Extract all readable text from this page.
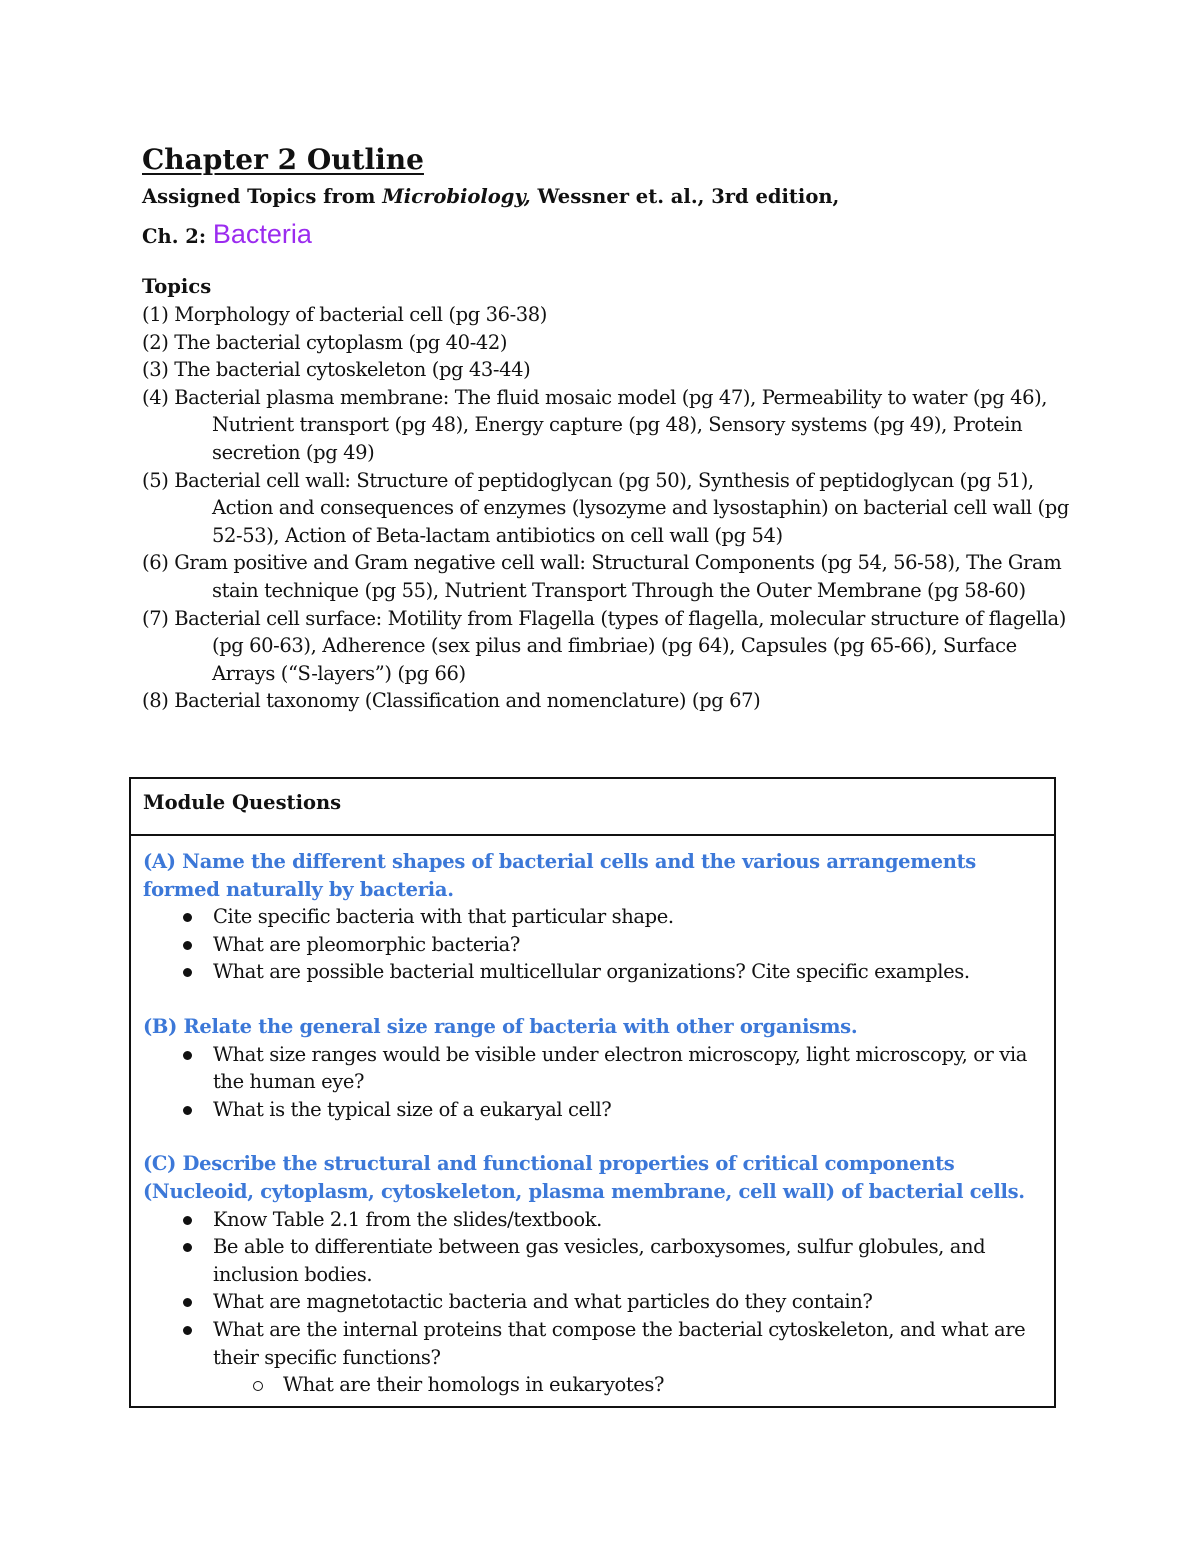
Chapter 2 Outline
Assigned Topics from Microbiology, Wessner et. al., 3rd edition,
Ch. 2: Bacteria
Topics
(1) Morphology of bacterial cell (pg 36-38)
(2) The bacterial cytoplasm (pg 40-42)
(3) The bacterial cytoskeleton (pg 43-44)
(4) Bacterial plasma membrane: The fluid mosaic model (pg 47), Permeability to water (pg 46), Nutrient transport (pg 48), Energy capture (pg 48), Sensory systems (pg 49), Protein secretion (pg 49)
(5) Bacterial cell wall: Structure of peptidoglycan (pg 50), Synthesis of peptidoglycan (pg 51), Action and consequences of enzymes (lysozyme and lysostaphin) on bacterial cell wall (pg 52-53), Action of Beta-lactam antibiotics on cell wall (pg 54)
(6) Gram positive and Gram negative cell wall: Structural Components (pg 54, 56-58), The Gram stain technique (pg 55), Nutrient Transport Through the Outer Membrane (pg 58-60)
(7) Bacterial cell surface: Motility from Flagella (types of flagella, molecular structure of flagella) (pg 60-63), Adherence (sex pilus and fimbriae) (pg 64), Capsules (pg 65-66), Surface Arrays (“S-layers”) (pg 66)
(8) Bacterial taxonomy (Classification and nomenclature) (pg 67)
Module Questions
(A) Name the different shapes of bacterial cells and the various arrangements formed naturally by bacteria.
Cite specific bacteria with that particular shape.
What are pleomorphic bacteria?
What are possible bacterial multicellular organizations? Cite specific examples.
(B) Relate the general size range of bacteria with other organisms.
What size ranges would be visible under electron microscopy, light microscopy, or via the human eye?
What is the typical size of a eukaryal cell?
(C) Describe the structural and functional properties of critical components (Nucleoid, cytoplasm, cytoskeleton, plasma membrane, cell wall) of bacterial cells.
Know Table 2.1 from the slides/textbook.
Be able to differentiate between gas vesicles, carboxysomes, sulfur globules, and inclusion bodies.
What are magnetotactic bacteria and what particles do they contain?
What are the internal proteins that compose the bacterial cytoskeleton, and what are their specific functions?
What are their homologs in eukaryotes?
